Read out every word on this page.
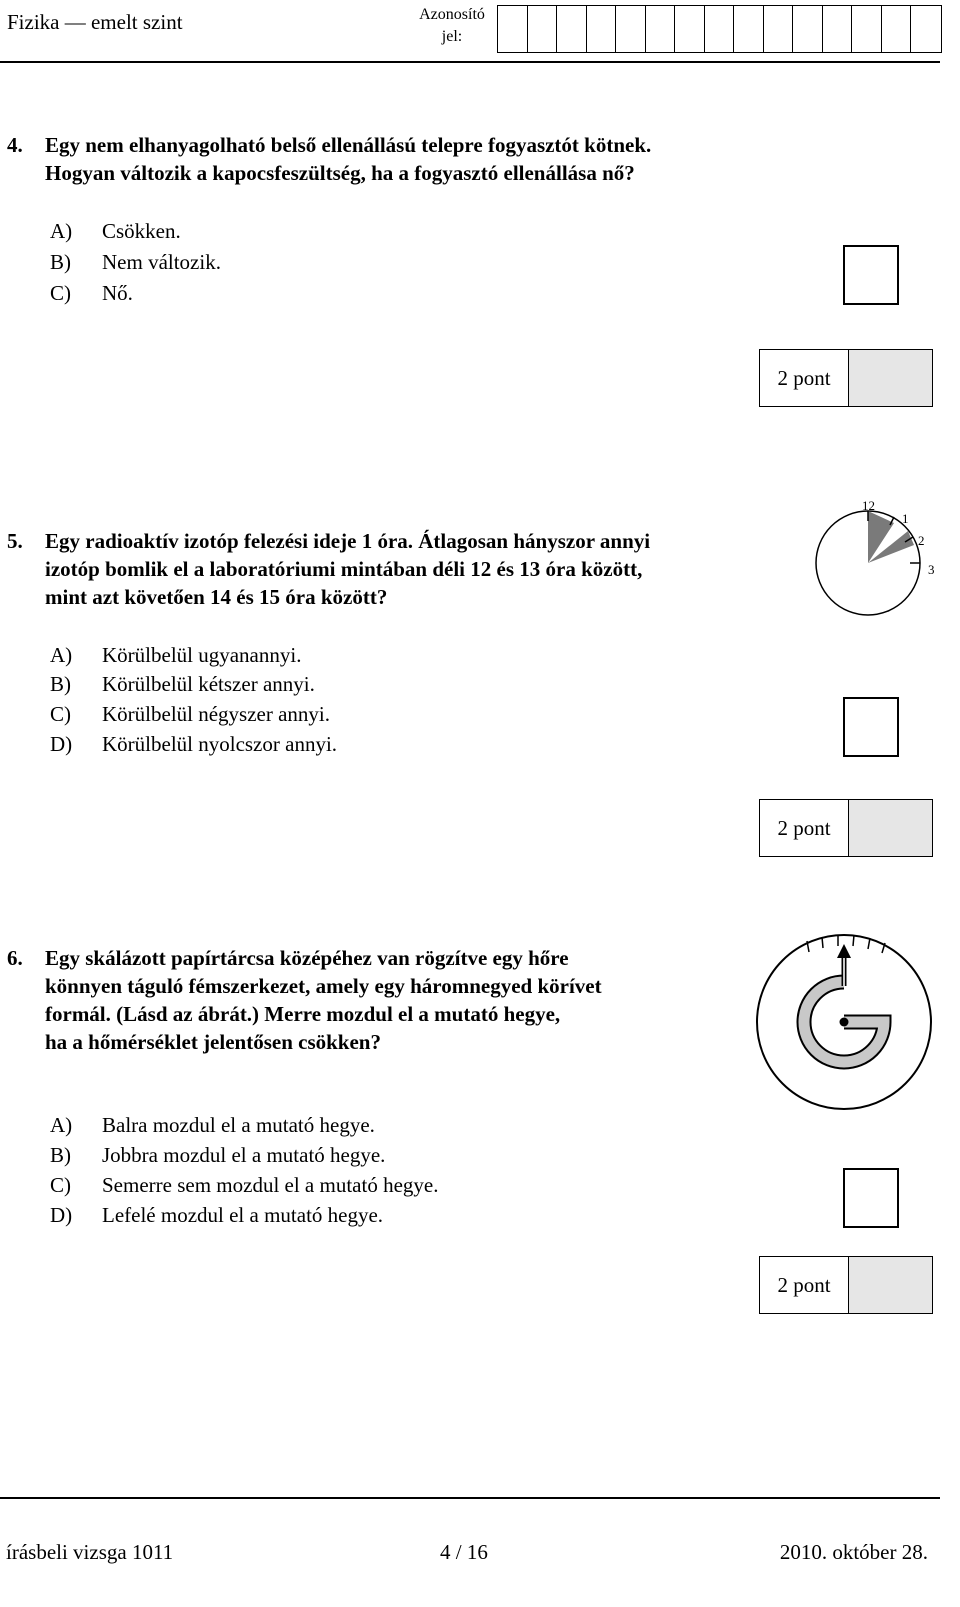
Fizika — emelt szint	Azonosító
jel:
4. Egy nem elhanyagolható belső ellenállású telepre fogyasztót kötnek.
Hogyan változik a kapocsfeszültség, ha a fogyasztó ellenállása nő?
A) Csökken.
B) Nem változik.
C) Nő.
2 pont
5. Egy radioaktív izotóp felezési ideje 1 óra. Átlagosan hányszor annyi
izotóp bomlik el a laboratóriumi mintában déli 12 és 13 óra között,
mint azt követően 14 és 15 óra között?
A) Körülbelül ugyanannyi.
B) Körülbelül kétszer annyi.
C) Körülbelül négyszer annyi.
D) Körülbelül nyolcszor annyi.
12
1
2
3
2 pont
6. Egy skálázott papírtárcsa középéhez van rögzítve egy hőre
könnyen táguló fémszerkezet, amely egy háromnegyed körívet
formál. (Lásd az ábrát.) Merre mozdul el a mutató hegye,
ha a hőmérséklet jelentősen csökken?
A) Balra mozdul el a mutató hegye.
B) Jobbra mozdul el a mutató hegye.
C) Semerre sem mozdul el a mutató hegye.
D) Lefelé mozdul el a mutató hegye.
2 pont
írásbeli vizsga 1011	4 / 16	2010. október 28.
